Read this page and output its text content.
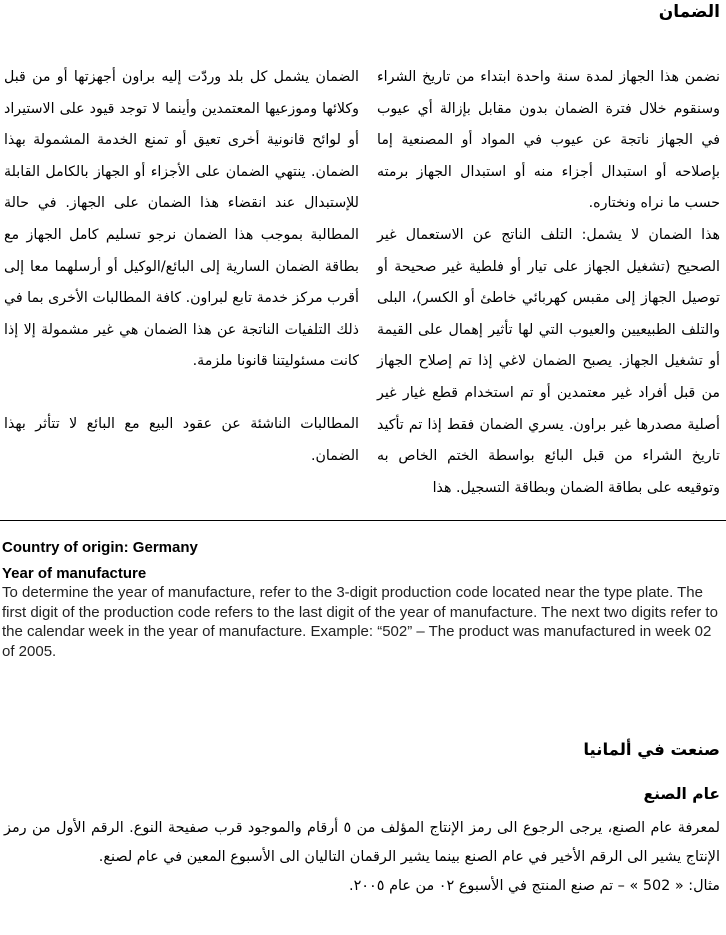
الضمان

نضمن هذا الجهاز لمدة سنة واحدة ابتداء من تاريخ الشراء وسنقوم خلال فترة الضمان بدون مقابل بإزالة أي عيوب في الجهاز ناتجة عن عيوب في المواد أو المصنعية إما بإصلاحه أو استبدال أجزاء منه أو استبدال الجهاز برمته حسب ما نراه ونختاره.

هذا الضمان لا يشمل: التلف الناتج عن الاستعمال غير الصحيح (تشغيل الجهاز على تيار أو فلطية غير صحيحة أو توصيل الجهاز إلى مقبس كهربائي خاطئ أو الكسر)، البلى والتلف الطبيعيين والعيوب التي لها تأثير إهمال على القيمة أو تشغيل الجهاز. يصبح الضمان لاغي إذا تم إصلاح الجهاز من قبل أفراد غير معتمدين أو تم استخدام قطع غيار غير أصلية مصدرها غير براون. يسري الضمان فقط إذا تم تأكيد تاريخ الشراء من قبل البائع بواسطة الختم الخاص به وتوقيعه على بطاقة الضمان وبطاقة التسجيل. هذا

الضمان يشمل كل بلد وردّت إليه براون أجهزتها أو من قبل وكلائها وموزعيها المعتمدين وأينما لا توجد قيود على الاستيراد أو لوائح قانونية أخرى تعيق أو تمنع الخدمة المشمولة بهذا الضمان. ينتهي الضمان على الأجزاء أو الجهاز بالكامل القابلة للإستبدال عند انقضاء هذا الضمان على الجهاز. في حالة المطالبة بموجب هذا الضمان نرجو تسليم كامل الجهاز مع بطاقة الضمان السارية إلى البائع/الوكيل أو أرسلهما معا إلى أقرب مركز خدمة تابع لبراون. كافة المطالبات الأخرى بما في ذلك التلفيات الناتجة عن هذا الضمان هي غير مشمولة إلا إذا كانت مسئوليتنا قانونا ملزمة.

المطالبات الناشئة عن عقود البيع مع البائع لا تتأثر بهذا الضمان.

Country of origin: Germany

Year of manufacture

To determine the year of manufacture, refer to the 3-digit production code located near the type plate. The first digit of the production code refers to the last digit of the year of manufacture. The next two digits refer to the calendar week in the year of manufacture. Example: “502” – The product was manufactured in week 02 of 2005.

صنعت في ألمانيا
عام الصنع

لمعرفة عام الصنع، يرجى الرجوع الى رمز الإنتاج المؤلف من ٥ أرقام والموجود قرب صفيحة النوع. الرقم الأول من رمز الإنتاج يشير الى الرقم الأخير في عام الصنع بينما يشير الرقمان التاليان الى الأسبوع المعين في عام لصنع.

مثال: « 502 » – تم صنع المنتج في الأسبوع ٠٢ من عام ٢٠٠٥.
